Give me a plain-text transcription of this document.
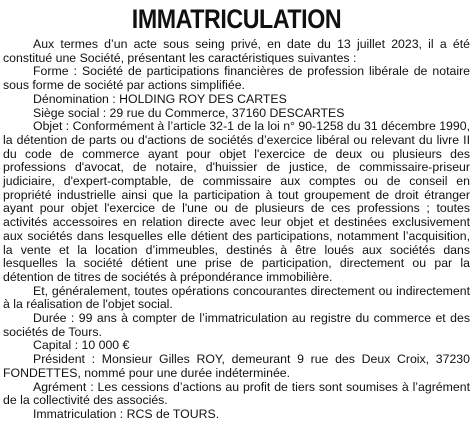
IMMATRICULATION

Aux termes d’un acte sous seing privé, en date du 13 juillet 2023, il a été constitué une Société, présentant les caractéristiques suivantes :

Forme : Société de participations financières de profession libérale de notaire sous forme de société par actions simplifiée.

Dénomination : HOLDING ROY DES CARTES

Siège social : 29 rue du Commerce, 37160 DESCARTES

Objet : Conformément à l’article 32-1 de la loi n° 90-1258 du 31 décembre 1990, la détention de parts ou d'actions de sociétés d’exercice libéral ou relevant du livre II du code de commerce ayant pour objet l'exercice de deux ou plusieurs des professions d'avocat, de notaire, d'huissier de justice, de commissaire-priseur judiciaire, d'expert-comptable, de commissaire aux comptes ou de conseil en propriété industrielle ainsi que la participation à tout groupement de droit étranger ayant pour objet l'exercice de l'une ou de plusieurs de ces professions ; toutes activités accessoires en relation directe avec leur objet et destinées exclusivement aux sociétés dans lesquelles elle détient des participations, notamment l’acquisition, la vente et la location d’immeubles, destinés à être loués aux sociétés dans lesquelles la société détient une prise de participation, directement ou par la détention de titres de sociétés à prépondérance immobilière.

Et, généralement, toutes opérations concourantes directement ou indirectement à la réalisation de l'objet social.

Durée : 99 ans à compter de l’immatriculation au registre du commerce et des sociétés de Tours.

Capital : 10 000 €

Président : Monsieur Gilles ROY, demeurant 9 rue des Deux Croix, 37230 FONDETTES, nommé pour une durée indéterminée.

Agrément : Les cessions d’actions au profit de tiers sont soumises à l’agrément de la collectivité des associés.

Immatriculation : RCS de TOURS.
